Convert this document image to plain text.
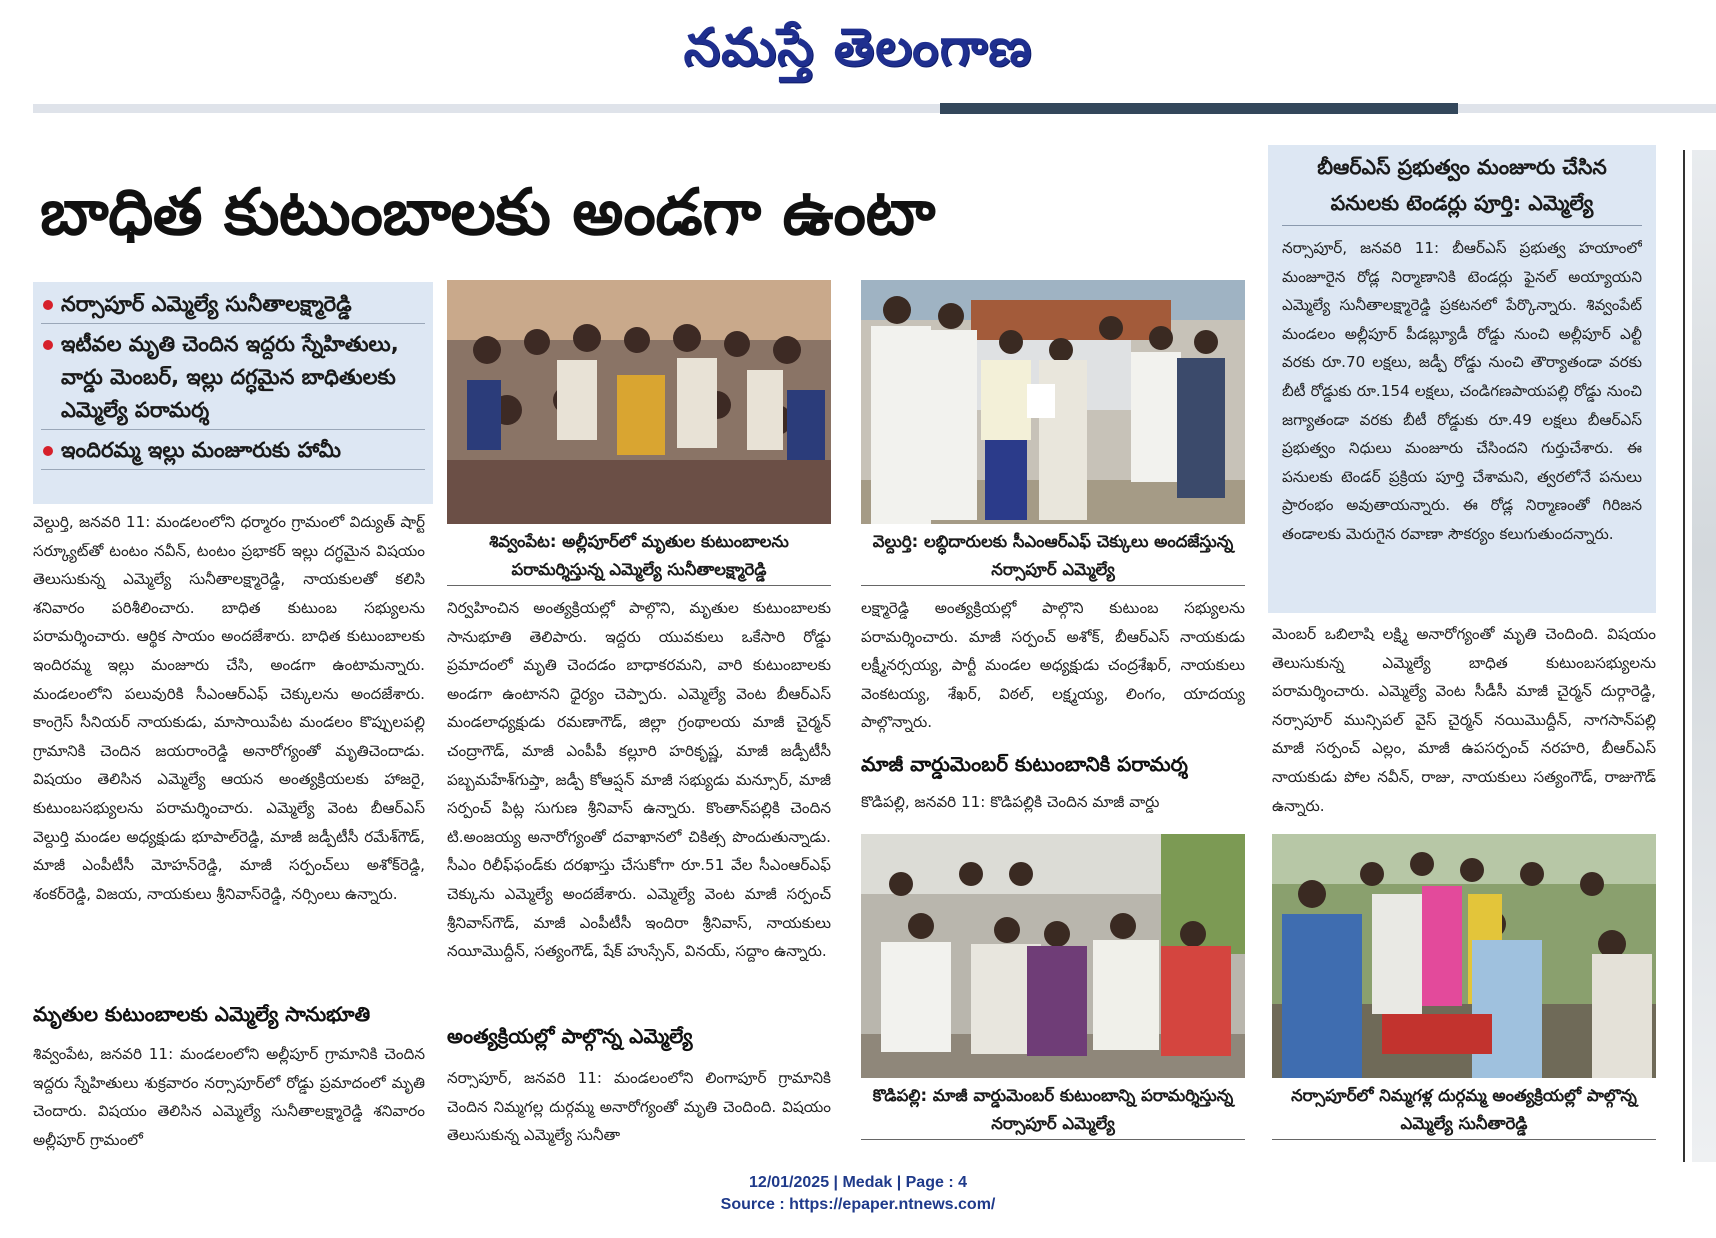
నమస్తే తెలంగాణ
బాధిత కుటుంబాలకు అండగా ఉంటా
నర్సాపూర్ ఎమ్మెల్యే సునీతాలక్ష్మారెడ్డి
ఇటీవల మృతి చెందిన ఇద్దరు స్నేహితులు, వార్డు మెంబర్, ఇల్లు దగ్ధమైన బాధితులకు ఎమ్మెల్యే పరామర్శ
ఇందిరమ్మ ఇల్లు మంజూరుకు హామీ
వెల్దుర్తి, జనవరి 11: మండలంలోని ధర్మారం గ్రామంలో విద్యుత్ షార్ట్ సర్క్యూట్‌తో టంటం నవీన్, టంటం ప్రభాకర్ ఇల్లు దగ్ధమైన విషయం తెలుసుకున్న ఎమ్మెల్యే సునీతాలక్ష్మారెడ్డి, నాయకులతో కలిసి శనివారం పరిశీలించారు. బాధిత కుటుంబ సభ్యులను పరామర్శించారు. ఆర్థిక సాయం అందజేశారు. బాధిత కుటుంబాలకు ఇందిరమ్మ ఇల్లు మంజూరు చేసి, అండగా ఉంటామన్నారు. మండలంలోని పలువురికి సీఎంఆర్‌ఎఫ్ చెక్కులను అందజేశారు. కాంగ్రెస్ సీనియర్ నాయకుడు, మాసాయిపేట మండలం కొప్పులపల్లి గ్రామానికి చెందిన జయరాంరెడ్డి అనారోగ్యంతో మృతిచెందాడు. విషయం తెలిసిన ఎమ్మెల్యే ఆయన అంత్యక్రియలకు హాజరై, కుటుంబసభ్యులను పరామర్శించారు. ఎమ్మెల్యే వెంట బీఆర్‌ఎస్ వెల్దుర్తి మండల అధ్యక్షుడు భూపాల్‌రెడ్డి, మాజీ జడ్పీటీసీ రమేశ్‌గౌడ్, మాజీ ఎంపీటీసీ మోహన్‌రెడ్డి, మాజీ సర్పంచ్‌లు అశోక్‌రెడ్డి, శంకర్‌రెడ్డి, విజయ, నాయకులు శ్రీనివాస్‌రెడ్డి, నర్సింలు ఉన్నారు.
మృతుల కుటుంబాలకు ఎమ్మెల్యే సానుభూతి
శివ్వంపేట, జనవరి 11: మండలంలోని అల్లీపూర్ గ్రామానికి చెందిన ఇద్దరు స్నేహితులు శుక్రవారం నర్సాపూర్‌లో రోడ్డు ప్రమాదంలో మృతి చెందారు. విషయం తెలిసిన ఎమ్మెల్యే సునీతాలక్ష్మారెడ్డి శనివారం అల్లీపూర్ గ్రామంలో
శివ్వంపేట: అల్లీపూర్‌లో మృతుల కుటుంబాలను పరామర్శిస్తున్న ఎమ్మెల్యే సునీతాలక్ష్మారెడ్డి
నిర్వహించిన అంత్యక్రియల్లో పాల్గొని, మృతుల కుటుంబాలకు సానుభూతి తెలిపారు. ఇద్దరు యువకులు ఒకేసారి రోడ్డు ప్రమాదంలో మృతి చెందడం బాధాకరమని, వారి కుటుంబాలకు అండగా ఉంటానని ధైర్యం చెప్పారు. ఎమ్మెల్యే వెంట బీఆర్‌ఎస్ మండలాధ్యక్షుడు రమణాగౌడ్, జిల్లా గ్రంథాలయ మాజీ చైర్మన్ చంద్రాగౌడ్, మాజీ ఎంపీపీ కల్లూరి హరికృష్ణ, మాజీ జడ్పీటీసీ పబ్బమహేశ్‌గుప్తా, జడ్పీ కోఆప్షన్ మాజీ సభ్యుడు మన్సూర్, మాజీ సర్పంచ్ పిట్ల సుగుణ శ్రీనివాస్ ఉన్నారు. కొంతాన్‌పల్లికి చెందిన టి.అంజయ్య అనారోగ్యంతో దవాఖానలో చికిత్స పొందుతున్నాడు. సీఎం రిలీఫ్‌ఫండ్‌కు దరఖాస్తు చేసుకోగా రూ.51 వేల సీఎంఆర్‌ఎఫ్ చెక్కును ఎమ్మెల్యే అందజేశారు. ఎమ్మెల్యే వెంట మాజీ సర్పంచ్ శ్రీనివాస్‌గౌడ్, మాజీ ఎంపీటీసీ ఇందిరా శ్రీనివాస్, నాయకులు నయీమొద్దీన్, సత్యంగౌడ్, షేక్ హుస్సేన్, వినయ్, సద్దాం ఉన్నారు.
అంత్యక్రియల్లో పాల్గొన్న ఎమ్మెల్యే
నర్సాపూర్, జనవరి 11: మండలంలోని లింగాపూర్ గ్రామానికి చెందిన నిమ్మగల్ల దుర్గమ్మ అనారోగ్యంతో మృతి చెందింది. విషయం తెలుసుకున్న ఎమ్మెల్యే సునీతా
వెల్దుర్తి: లబ్ధిదారులకు సీఎంఆర్‌ఎఫ్ చెక్కులు అందజేస్తున్న నర్సాపూర్ ఎమ్మెల్యే
లక్ష్మారెడ్డి అంత్యక్రియల్లో పాల్గొని కుటుంబ సభ్యులను పరామర్శించారు. మాజీ సర్పంచ్ అశోక్, బీఆర్‌ఎస్ నాయకుడు లక్ష్మీనర్సయ్య, పార్టీ మండల అధ్యక్షుడు చంద్రశేఖర్, నాయకులు వెంకటయ్య, శేఖర్, విఠల్, లక్ష్మయ్య, లింగం, యాదయ్య పాల్గొన్నారు.
మాజీ వార్డుమెంబర్ కుటుంబానికి పరామర్శ
కొడిపల్లి, జనవరి 11: కొడిపల్లికి చెందిన మాజీ వార్డు
కొడిపల్లి: మాజీ వార్డుమెంబర్ కుటుంబాన్ని పరామర్శిస్తున్న నర్సాపూర్ ఎమ్మెల్యే
బీఆర్‌ఎస్ ప్రభుత్వం మంజూరు చేసిన పనులకు టెండర్లు పూర్తి: ఎమ్మెల్యే
నర్సాపూర్, జనవరి 11: బీఆర్‌ఎస్ ప్రభుత్వ హయాంలో మంజూరైన రోడ్ల నిర్మాణానికి టెండర్లు ఫైనల్ అయ్యాయని ఎమ్మెల్యే సునీతాలక్ష్మారెడ్డి ప్రకటనలో పేర్కొన్నారు. శివ్వంపేట్ మండలం అల్లీపూర్ పీడబ్ల్యూడీ రోడ్డు నుంచి అల్లీపూర్ ఎల్టీ వరకు రూ.70 లక్షలు, జడ్పీ రోడ్డు నుంచి తౌర్యాతండా వరకు బీటీ రోడ్డుకు రూ.154 లక్షలు, చండిగణపాయపల్లి రోడ్డు నుంచి జగ్యాతండా వరకు బీటీ రోడ్డుకు రూ.49 లక్షలు బీఆర్‌ఎస్ ప్రభుత్వం నిధులు మంజూరు చేసిందని గుర్తుచేశారు. ఈ పనులకు టెండర్ ప్రక్రియ పూర్తి చేశామని, త్వరలోనే పనులు ప్రారంభం అవుతాయన్నారు. ఈ రోడ్ల నిర్మాణంతో గిరిజన తండాలకు మెరుగైన రవాణా సౌకర్యం కలుగుతుందన్నారు.
మెంబర్ ఒబిలాషి లక్ష్మి అనారోగ్యంతో మృతి చెందింది. విషయం తెలుసుకున్న ఎమ్మెల్యే బాధిత కుటుంబసభ్యులను పరామర్శించారు. ఎమ్మెల్యే వెంట సీడీసీ మాజీ చైర్మన్ దుర్గారెడ్డి, నర్సాపూర్ మున్సిపల్ వైస్ చైర్మన్ నయిమొద్దీన్, నాగసాన్‌పల్లి మాజీ సర్పంచ్ ఎల్లం, మాజీ ఉపసర్పంచ్ నరహరి, బీఆర్‌ఎస్ నాయకుడు పోల నవీన్, రాజు, నాయకులు సత్యంగౌడ్, రాజుగౌడ్ ఉన్నారు.
నర్సాపూర్‌లో నిమ్మగళ్ల దుర్గమ్మ అంత్యక్రియల్లో పాల్గొన్న ఎమ్మెల్యే సునీతారెడ్డి
12/01/2025 | Medak | Page : 4
Source : https://epaper.ntnews.com/
